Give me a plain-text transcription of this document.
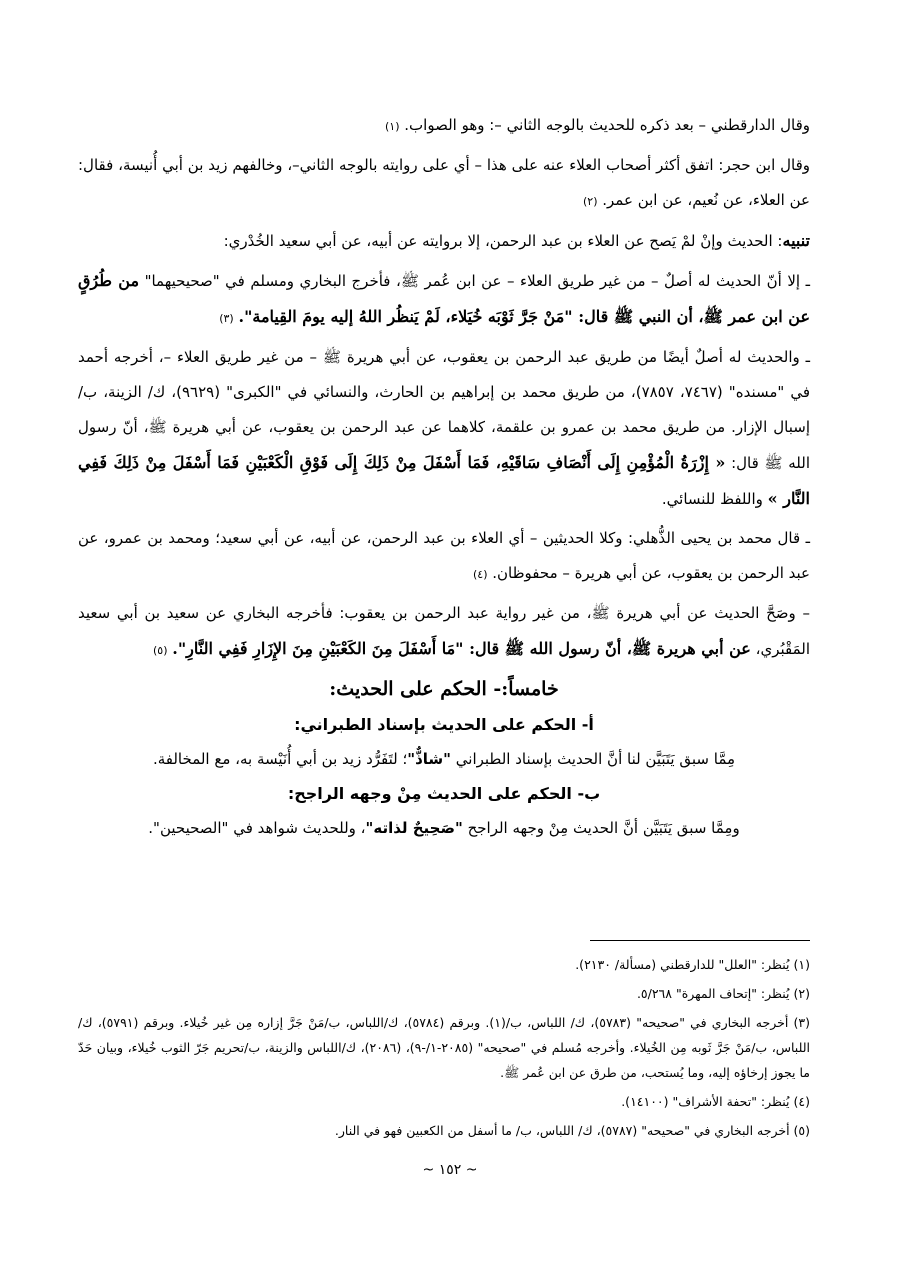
وقال الدارقطني – بعد ذكره للحديث بالوجه الثاني –: وهو الصواب. (١)

وقال ابن حجر: اتفق أكثر أصحاب العلاء عنه على هذا – أي على روايته بالوجه الثاني–، وخالفهم زيد بن أبي أُنيسة، فقال: عن العلاء، عن نُعيم، عن ابن عمر. (٢)

تنبيه: الحديث وإنْ لمْ يَصح عن العلاء بن عبد الرحمن، إلا بروايته عن أبيه، عن أبي سعيد الخُدْري:

ـ إلا أنّ الحديث له أصلٌ – من غير طريق العلاء – عن ابن عُمر ﷺ، فأخرج البخاري ومسلم في "صحيحيهما" من طُرُقٍ عن ابن عمر ﷺ، أن النبي ﷺ قال: "مَنْ جَرَّ ثَوْبَه خُيَلاء، لَمْ يَنظُر اللهُ إليه يومَ القِيامة". (٣)

ـ والحديث له أصلٌ أيضًا من طريق عبد الرحمن بن يعقوب، عن أبي هريرة ﷺ – من غير طريق العلاء –، أخرجه أحمد في "مسنده" (٧٤٦٧، ٧٨٥٧)، من طريق محمد بن إبراهيم بن الحارث، والنسائي في "الكبرى" (٩٦٢٩)، ك/ الزينة، ب/ إسبال الإزار. من طريق محمد بن عمرو بن علقمة، كلاهما عن عبد الرحمن بن يعقوب، عن أبي هريرة ﷺ، أنّ رسول الله ﷺ قال: « إِزْرَةُ الْمُؤْمِنِ إِلَى أَنْصَافِ سَاقَيْهِ، فَمَا أَسْفَلَ مِنْ ذَلِكَ إِلَى فَوْقِ الْكَعْبَيْنِ فَمَا أَسْفَلَ مِنْ ذَلِكَ فَفِي النَّار » واللفظ للنسائي.

ـ قال محمد بن يحيى الذُّهلي: وكلا الحديثين – أي العلاء بن عبد الرحمن، عن أبيه، عن أبي سعيد؛ ومحمد بن عمرو، عن عبد الرحمن بن يعقوب، عن أبي هريرة – محفوظان. (٤)

– وصَحَّ الحديث عن أبي هريرة ﷺ، من غير رواية عبد الرحمن بن يعقوب: فأخرجه البخاري عن سعيد بن أبي سعيد المَقْبُري، عن أبي هريرة ﷺ، أنّ رسول الله ﷺ قال: "مَا أَسْفَلَ مِنَ الكَعْبَيْنِ مِنَ الإِزَارِ فَفِي النَّارِ". (٥)

خامساً:- الحكم على الحديث:

أ- الحكم على الحديث بإسناد الطبراني:

مِمَّا سبق يَتَبَيَّن لنا أنَّ الحديث بإسناد الطبراني "شاذٌّ"؛ لتَفَرُّد زيد بن أبي أُنَيْسة به، مع المخالفة.

ب- الحكم على الحديث مِنْ وجهه الراجح:

ومِمَّا سبق يَتَبَيَّن أنَّ الحديث مِنْ وجهه الراجح "صَحِيحٌ لذاته"، وللحديث شواهد في "الصحيحين".

(١) يُنظر: "العلل" للدارقطني (مسألة/ ٢١٣٠).

(٢) يُنظر: "إتحاف المهرة" ٥/٢٦٨.

(٣) أخرجه البخاري في "صحيحه" (٥٧٨٣)، ك/ اللباس، ب/(١). وبرقم (٥٧٨٤)، ك/اللباس، ب/مَنْ جَرَّ إزاره مِن غير خُيلاء. وبرقم (٥٧٩١)، ك/اللباس، ب/مَنْ جَرَّ ثَوبه مِن الخُيلاء. وأخرجه مُسلم في "صحيحه" (٢٠٨٥-١/-٩)، (٢٠٨٦)، ك/اللباس والزينة، ب/تحريم جَرّ الثوب خُيلاء، وبيان حَدّ ما يجوز إرخاؤه إليه، وما يُستحب، من طرق عن ابن عُمر ﷺ.

(٤) يُنظر: "تحفة الأشراف" (١٤١٠٠).

(٥) أخرجه البخاري في "صحيحه" (٥٧٨٧)، ك/ اللباس، ب/ ما أسفل من الكعبين فهو في النار.

~ ١٥٢ ~
